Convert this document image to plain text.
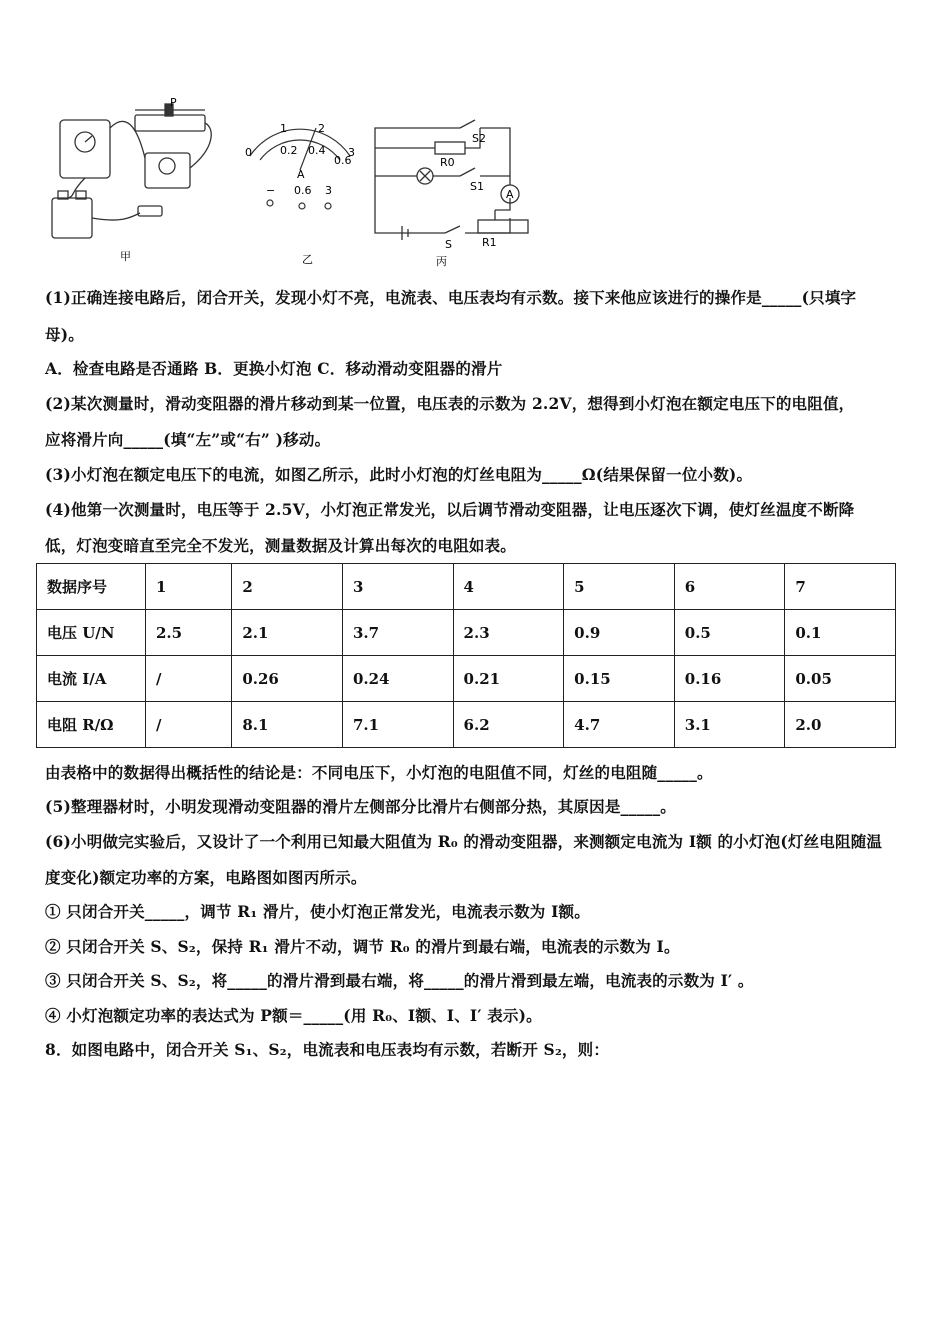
甲
P
0
1	2
3
0.2 0.4
0.6
A
− 0.6 3
乙
S2
R0
S1
A
S	R1
丙
(1)正确连接电路后，闭合开关，发现小灯不亮，电流表、电压表均有示数。接下来他应该进行的操作是_____(只填字
母)。
A．检查电路是否通路 B．更换小灯泡 C．移动滑动变阻器的滑片
(2)某次测量时，滑动变阻器的滑片移动到某一位置，电压表的示数为 2.2V，想得到小灯泡在额定电压下的电阻值，
应将滑片向_____(填“左”或“右” )移动。
(3)小灯泡在额定电压下的电流，如图乙所示，此时小灯泡的灯丝电阻为_____Ω(结果保留一位小数)。
(4)他第一次测量时，电压等于 2.5V，小灯泡正常发光，以后调节滑动变阻器，让电压逐次下调，使灯丝温度不断降
低，灯泡变暗直至完全不发光，测量数据及计算出每次的电阻如表。
数据序号	1	2	3	4	5	6	7
电压 U/N	2.5	2.1	3.7	2.3	0.9	0.5	0.1
电流 I/A	/	0.26	0.24	0.21	0.15	0.16	0.05
电阻 R/Ω	/	8.1	7.1	6.2	4.7	3.1	2.0
由表格中的数据得出概括性的结论是：不同电压下，小灯泡的电阻值不同，灯丝的电阻随_____。
(5)整理器材时，小明发现滑动变阻器的滑片左侧部分比滑片右侧部分热，其原因是_____。
(6)小明做完实验后，又设计了一个利用已知最大阻值为 R₀ 的滑动变阻器，来测额定电流为 I额 的小灯泡(灯丝电阻随温
度变化)额定功率的方案，电路图如图丙所示。
① 只闭合开关_____，调节 R₁ 滑片，使小灯泡正常发光，电流表示数为 I额。
② 只闭合开关 S、S₂，保持 R₁ 滑片不动，调节 R₀ 的滑片到最右端，电流表的示数为 I。
③ 只闭合开关 S、S₂，将_____的滑片滑到最右端，将_____的滑片滑到最左端，电流表的示数为 I′ 。
④ 小灯泡额定功率的表达式为 P额＝_____(用 R₀、I额、I、I′ 表示)。
8．如图电路中，闭合开关 S₁、S₂，电流表和电压表均有示数，若断开 S₂，则：
